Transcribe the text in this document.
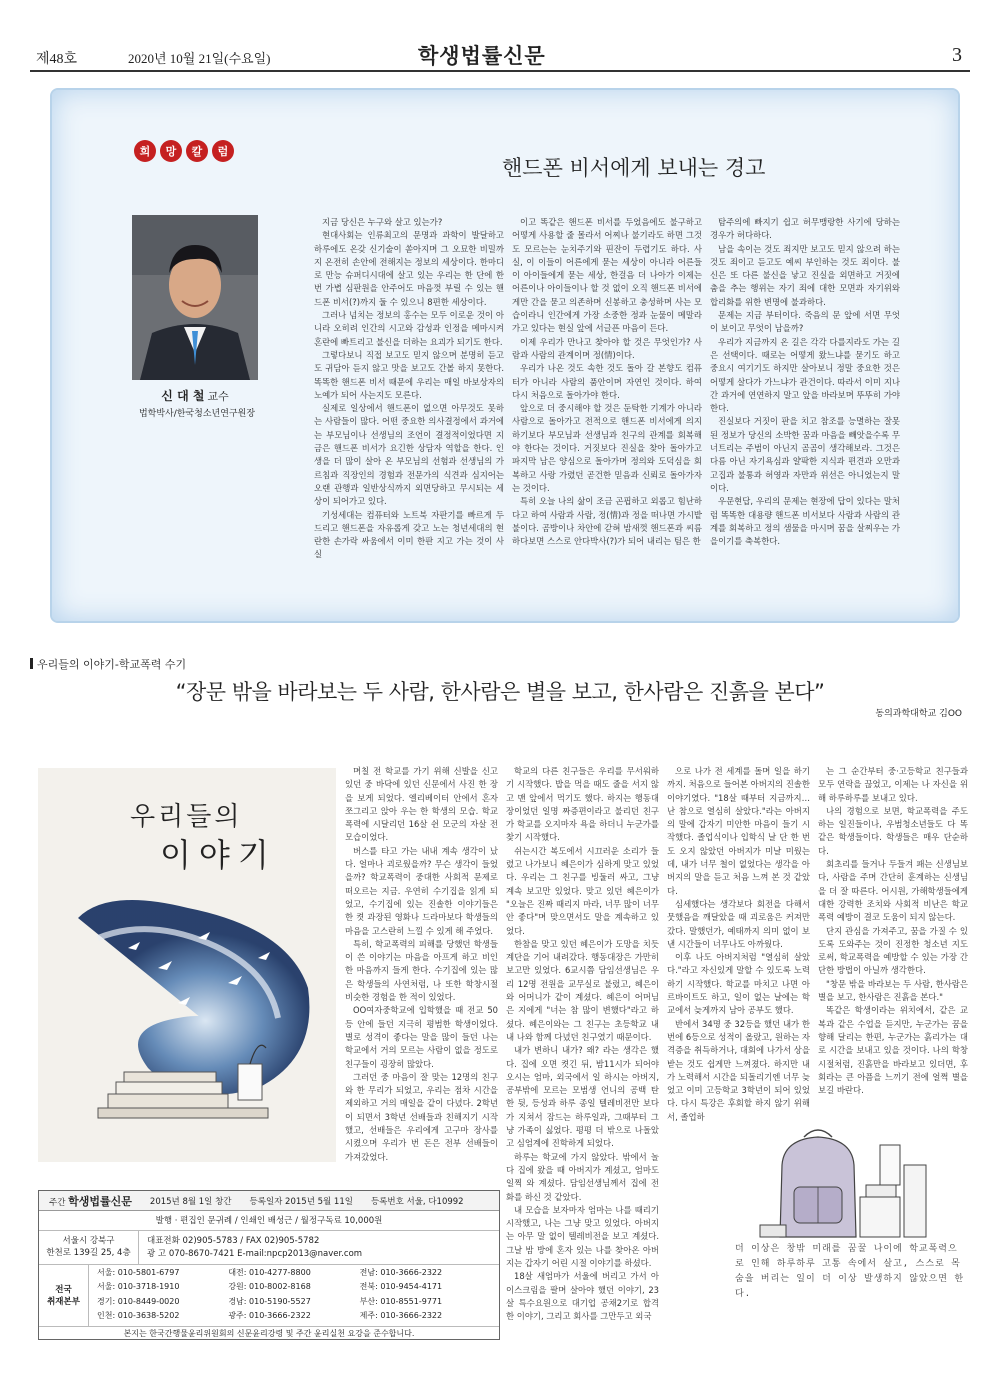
제48호	2020년 10월 21일(수요일)	학생법률신문	3
희	망	칼	럼
핸드폰 비서에게 보내는 경고
신 대 철 교수
법학박사/한국청소년연구원장

지금 당신은 누구와 살고 있는가?

현대사회는 인류최고의 문명과 과학이 발달하고 하루에도 온갖 신기술이 쏟아지며 그 오묘한 비밀까지 온전히 손안에 전해지는 정보의 세상이다. 한마디로 만능 슈퍼디시대에 살고 있는 우리는 한 단에 한번 가볍 심판원을 안주어도 마음껏 부릴 수 있는 핸드폰 비서(?)까지 둘 수 있으니 8편한 세상이다.

그러나 넘치는 정보의 홍수는 모두 이로운 것이 아니라 오히려 인간의 시고와 감성과 인정을 메마시켜 혼란에 빠트리고 불신을 더하는 요괴가 되기도 한다.

그렇다보니 직접 보고도 믿지 않으며 분명히 듣고도 귀담아 듣지 않고 맛을 보고도 간볼 하지 못한다. 똑똑한 핸드폰 비서 때문에 우리는 매일 바보상자의 노예가 되어 사는지도 모른다.

실제로 일상에서 핸드폰이 없으면 아무것도 못하는 사람들이 많다. 어떤 중요한 의사결정에서 과거에는 부모님이나 선생님의 조언이 결정적이었다면 지금은 핸드폰 비서가 요긴한 상담자 역할을 한다. 인생을 더 많이 살아 온 부모님의 선험과 선생님의 가르침과 직장인의 경험과 전문가의 식견과 심지어는 오랜 관행과 일반상식까지 외면당하고 무시되는 세상이 되어가고 있다.

기성세대는 컴퓨터와 노트북 자판기를 빠르게 두드리고 핸드폰을 자유롭게 갖고 노는 청년세대의 현란한 손가락 싸움에서 이미 한판 지고 가는 것이 사실

이고 똑같은 핸드폰 비서를 두었음에도 불구하고 어떻게 사용할 줄 몰라서 어찌나 불기라도 하면 그것도 모르는는 눈치주기와 핀잔이 두렵기도 하다. 사실, 이 이들이 어른에게 묻는 세상이 아니라 어른들이 아이들에게 묻는 세상, 한걸음 더 나아가 이제는 어른이나 아이들이나 할 것 없이 오직 핸드폰 비서에게만 간을 묻고 의존하며 신봉하고 충성하며 사는 모습이라니 인간에게 가장 소중한 정과 눈물이 메말라 가고 있다는 현실 앞에 서글픈 마음이 든다.

이제 우리가 만나고 찾아야 할 것은 무엇인가? 사람과 사람의 관계이며 정(情)이다.

우리가 나온 것도 속한 것도 돌아 갈 본향도 컴퓨터가 아니라 사람의 품안이며 자연인 것이다. 하여 다시 처음으로 돌아가야 한다.

앞으로 더 중시해야 할 것은 둔탁한 기계가 아니라 사람으로 돌아가고 전적으로 핸드폰 비서에게 의지하기보다 부모님과 선생님과 친구의 관계를 회복해야 한다는 것이다. 거짓보다 진실을 찾아 돌아가고 파지막 남은 양심으로 돌아가며 정의와 도덕심을 회복하고 사랑 가렸던 곧건한 믿음과 신뢰로 돌아가자는 것이다.

특히 오늘 나의 삶이 조금 곤핍하고 외롭고 힘난하다고 하여 사람과 사람, 정(情)과 정을 떠나면 가시밭 불이다. 곰방이나 차안에 갇혀 밤새껏 핸드폰과 씨름하다보면 스스로 안다박사(?)가 되어 내리는 팀은 한

탐주의에 빠지기 쉽고 허무맹랑한 사기에 당하는 경우가 허다하다.

남을 속이는 것도 죄지만 보고도 믿지 않으려 하는 것도 죄이고 듣고도 예씨 부인하는 것도 죄이다. 불신은 또 다른 불신을 낳고 진실을 외면하고 거짓에 춤을 추는 행위는 자기 죄에 대한 모면과 자기위와 합리화를 위한 변명에 불과하다.

문제는 지금 부터이다. 죽음의 문 앞에 서면 무엇이 보이고 무엇이 남을까?

우리가 지금까지 온 길은 각각 다를지라도 가는 길은 선택이다. 때로는 어떻게 왔느냐를 묻기도 하고 중요시 여기기도 하지만 살아보니 정말 중요한 것은 어떻게 살다가 가느냐가 관건이다. 따라서 이미 지나간 과거에 연연하지 말고 앞을 바라보며 뚜뚜히 가야한다.

진실보다 거짓이 판을 치고 참조를 능멸하는 잘못된 정보가 당신의 소박한 꿈과 마음을 빼앗을수록 무너트리는 주범이 아닌지 곰곰이 생각해보라. 그것은 다름 아닌 자기욕심과 얄팍한 지식과 편견과 오만과 고집과 불통과 허영과 자만과 위선은 아니었는지 말이다.

우문현답, 우리의 문제는 현장에 답이 있다는 말처럼 똑똑한 대용량 핸드폰 비서보다 사람과 사람의 관계를 회복하고 정의 샘물을 마시며 꿈을 살찌우는 가을이기를 축복한다.

우리들의 이야기-학교폭력 수기
“장문 밖을 바라보는 두 사람, 한사람은 별을 보고, 한사람은 진흙을 본다”
동의과학대학교 김OO
우리들의
이야기

며칠 전 학교를 가기 위해 신발을 신고 있던 중 바닥에 있던 신문에서 사진 한 장을 보게 되었다. 엘리베이터 안에서 혼자 쪼그리고 앉아 우는 한 학생의 모습. 학교폭력에 시달리던 16살 쉰 모군의 자살 전 모습이었다.

버스를 타고 가는 내내 계속 생각이 났다. 얼마나 괴로웠을까? 무슨 생각이 들었을까? 학교폭력이 중대한 사회적 문제로 떠오르는 지금. 우연히 수기집을 읽게 되었고, 수기집에 있는 진솔한 이야기들은 한 켯 과장된 영화나 드라마보다 학생들의 마음을 고스란히 느낄 수 있게 해 주었다.

특히, 학교폭력의 피해를 당했던 학생들이 쓴 이야기는 마음을 아프게 하고 비인한 마음까지 들게 한다. 수기집에 있는 많은 학생들의 사연처럼, 나 또한 학창시절 비슷한 경험을 한 적이 있었다.

OO여자중학교에 입학했을 때 전교 50등 안에 들던 지극히 평범한 학생이었다. 별로 성격이 좋다는 말을 많이 들던 나는 학교에서 거의 모르는 사람이 없을 정도로 친구들이 굉장히 많았다.

그러던 중 마음이 잘 맞는 12명의 친구와 한 무리가 되었고, 우리는 점차 시간을 제외하고 거의 매일을 같이 다녔다. 2학년이 되면서 3학년 선배들과 친해지기 시작했고, 선배들은 우리에게 고구마 장사를 시켰으며 우리가 번 돈은 전부 선배들이 가져갔었다.

학교의 다른 친구들은 우리를 무서워하기 시작했다. 밥을 먹을 때도 줄을 서지 않고 맨 앞에서 먹기도 했다. 하지는 행동대장이었던 일명 짜증편이라고 불리던 친구가 학교를 오지마자 욕을 하더니 누군가를 찾기 시작했다.

쉬는시간 복도에서 시끄러운 소리가 들렸고 나가보니 혜은이가 심하게 맞고 있었다. 우리는 그 친구를 빙둘러 싸고, 그냥 계속 보고만 있었다. 맞고 있던 혜은이가 "오늘은 진짜 때리지 마라, 너무 많이 너무 안 좋다"며 맞으면서도 말을 계속하고 있었다.

한참을 맞고 있던 혜은이가 도망을 치듯 계단을 기어 내려갔다. 행동대장은 가만히 보고만 있었다. 6교시쯤 담임선생님은 우리 12명 전원을 교무실로 불렀고, 혜은이와 어머니가 같이 계셨다. 혜은이 어머님은 지에게 "너는 참 많이 변했다"라고 하셨다. 혜은이와는 그 친구는 초등학교 내내 나와 함께 다녔던 친구였기 때문이다.

내가 변하니 내가? 왜? 라는 생각은 했다. 집에 오면 켯긴 뒤, 밤11시가 되어야 오시는 엄마, 외국에서 일 하시는 아버지, 공부밖에 모르는 모범생 언니의 공백 탄 한 뒷, 등성과 하루 종일 텔레비전만 보다가 지쳐서 잠드는 하루일과, 그때부터 그냥 가족이 싫었다. 평평 더 밖으로 나돌았고 심엄계에 진학하게 되었다.

하루는 학교에 가지 않았다. 밖에서 놀다 집에 왔을 때 아버지가 계셨고, 엄마도 일찍 와 계셨다. 담임선생님께서 집에 전화를 하신 것 같았다.

내 모습을 보자마자 엄마는 나를 때리기 시작했고, 나는 그냥 맞고 있었다. 아버지는 아무 말 없이 텔레비전을 보고 계셨다. 그날 밤 방에 혼자 있는 나를 찾아온 아버지는 갑자기 어린 시절 이야기를 하셨다.

18살 새엄마가 서울에 버리고 가서 아이스크림을 팔며 살아야 했던 이야기, 23살 특수요원으로 대기업 공채2기로 합격한 이야기, 그리고 회사를 그만두고 외국

으로 나가 전 세계를 돌며 일을 하기까지. 처음으로 들어본 아버지의 진솔한 이야기였다. "18살 때부터 지금까지… 난 참으로 열심히 살았다."라는 아버지의 말에 갑자기 미안한 마음이 들기 시작했다. 졸업식이나 입학식 날 단 한 번도 오지 않았던 아버지가 미날 미웠는데, 내가 너무 철이 없었다는 생각을 아버지의 말을 듣고 처음 느껴 본 것 같았다.

심세했다는 생각보다 회전을 다해서 뭇했음을 깨달았을 때 괴로움은 커져만 갔다. 말했던가, 예태까지 의미 없이 보낸 시간들이 너무나도 아까웠다.

이후 나도 아버지처럼 "열심히 살았다."라고 자신있게 말할 수 있도록 노력하기 시작했다. 학교를 마치고 나면 아르바이트도 하고, 일이 없는 날에는 학교에서 늦게까지 남아 공부도 했다.

반에서 34명 중 32등을 했던 내가 한 번에 6등으로 성적이 올랐고, 원하는 자격증을 취득하거나, 대회에 나가서 상을 받는 것도 쉽게만 느껴졌다. 하지만 내가 노력해서 시간을 되돌리기엔 너무 늦었고 이미 고등학교 3학년이 되어 있었다. 다시 특강은 후회할 하지 않기 위해서, 졸업하

는 그 순간부터 중·고등학교 친구들과 모두 연락을 끊었고, 이제는 나 자신을 위해 하루하루를 보내고 있다.

나의 경험으로 보면, 학교폭력을 주도하는 일진들이나, 우범청소년들도 다 똑같은 학생들이다. 학생들은 매우 단순하다.

회초리를 들거나 두들겨 패는 신생님보다, 사람을 주며 간단히 훈계하는 신생님을 더 잘 따른다. 어시원, 가해학생들에게 대한 강력한 조치와 사회적 비난은 학교폭력 예방이 결코 도움이 되지 않는다.

단지 관심을 가져주고, 꿈을 가질 수 있도록 도와주는 것이 진정한 청소년 지도로써, 학교폭력을 예방할 수 있는 가장 간단한 방법이 아닐까 생각한다.

"창문 밖을 바라보는 두 사람, 한사람은 별을 보고, 한사람은 진흙을 본다."

똑같은 학생이라는 위치에서, 같은 교복과 같은 수업을 듣지만, 누군가는 꿈을 향해 달리는 한편, 누군가는 흙리가는 대로 시간을 보내고 있을 것이다. 나의 학창시절처럼, 진흙만을 바라보고 있더면, 후회라는 큰 아픔을 느끼기 전에 얼쩍 별을 보길 바란다.

주간 학생법률신문 2015년 8월 1일 창간 등록일자 2015년 5월 11일 등록번호 서울, 다10992
발행 · 편집인 문귀례 / 인쇄인 배성근 / 월정구독료 10,000원
서울시 강북구
한천로 139길 25, 4층
대표전화 02)905-5783 / FAX 02)905-5782
광 고 070-8670-7421 E-mail:npcp2013@naver.com
전국
취재본부
서울: 010-5801-6797	대전: 010-4277-8800	전남: 010-3666-2322
서울: 010-3718-1910	강원: 010-8002-8168	전북: 010-9454-4171
경기: 010-8449-0020	경남: 010-5190-5527	부산: 010-8551-9771
인천: 010-3638-5202	광주: 010-3666-2322	제주: 010-3666-2322
본지는 한국간행물윤리위원회의 신문윤리강령 및 주간 윤리실천 요강을 준수합니다.
더 이상은 창밖 미래를 꿈꿀 나이에 학교폭력으로 인해 하루하루 고통 속에서 살고, 스스로 목숨을 버리는 일이 더 이상 발생하지 않았으면 한다.
